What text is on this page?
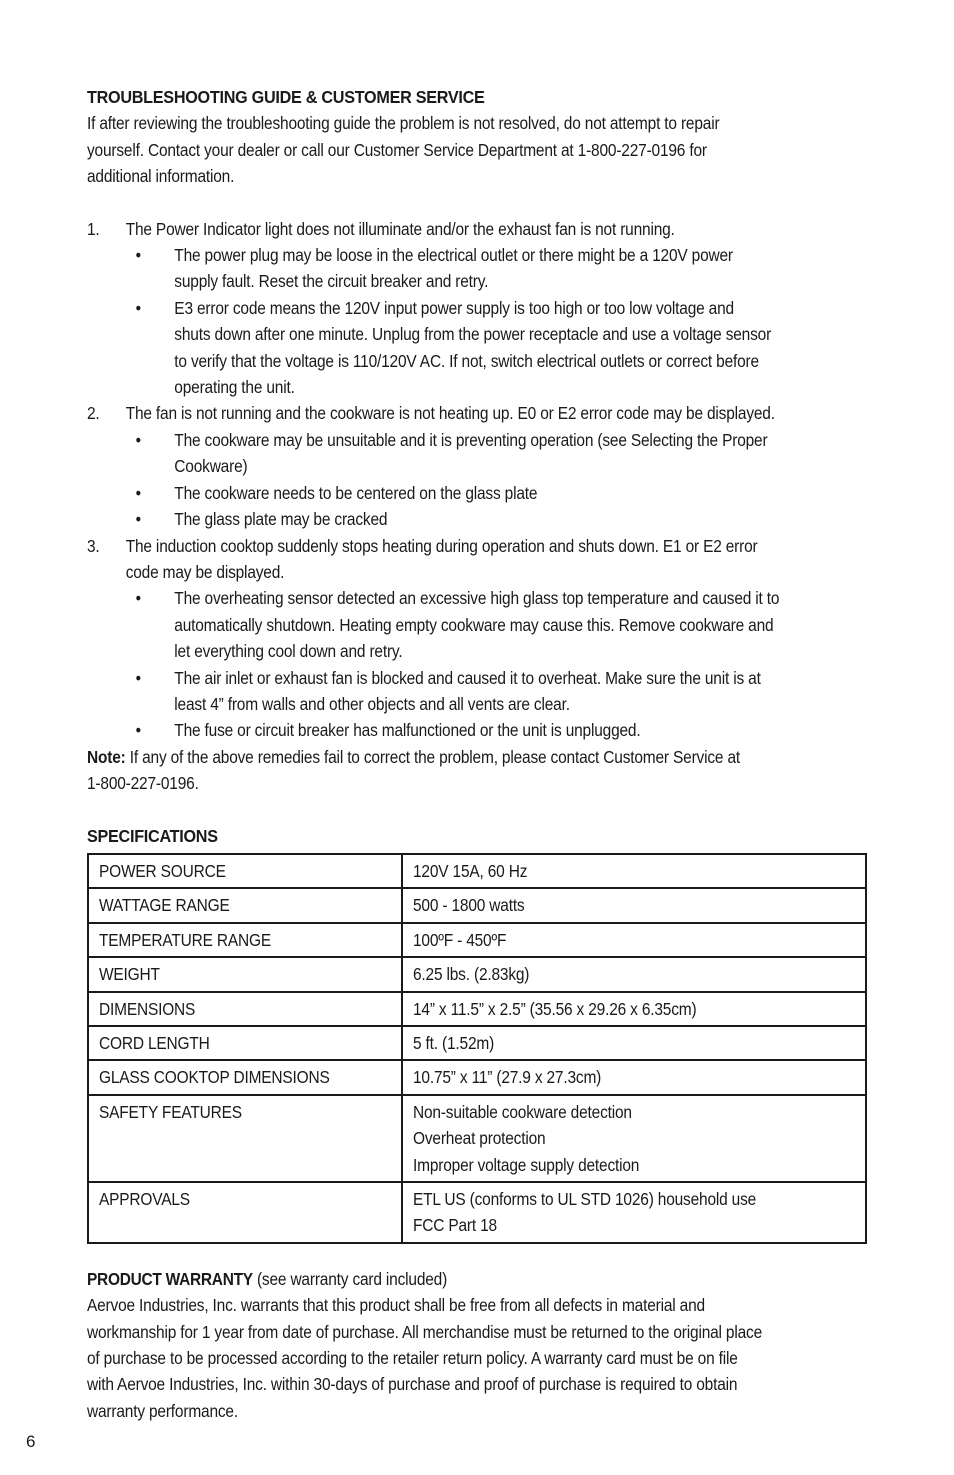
TROUBLESHOOTING GUIDE & CUSTOMER SERVICE

If after reviewing the troubleshooting guide the problem is not resolved, do not attempt to repair

yourself. Contact your dealer or call our Customer Service Department at 1-800-227-0196 for

additional information.

1.	The Power Indicator light does not illuminate and/or the exhaust fan is not running.
•	The power plug may be loose in the electrical outlet or there might be a 120V power

supply fault. Reset the circuit breaker and retry.

•	E3 error code means the 120V input power supply is too high or too low voltage and

shuts down after one minute. Unplug from the power receptacle and use a voltage sensor

to verify that the voltage is 110/120V AC. If not, switch electrical outlets or correct before

operating the unit.

2.	The fan is not running and the cookware is not heating up. E0 or E2 error code may be displayed.
•	The cookware may be unsuitable and it is preventing operation (see Selecting the Proper

Cookware)

•	The cookware needs to be centered on the glass plate

•	The glass plate may be cracked

3.	The induction cooktop suddenly stops heating during operation and shuts down. E1 or E2 error

code may be displayed.

•	The overheating sensor detected an excessive high glass top temperature and caused it to

automatically shutdown. Heating empty cookware may cause this. Remove cookware and

let everything cool down and retry.

•	The air inlet or exhaust fan is blocked and caused it to overheat. Make sure the unit is at

least 4” from walls and other objects and all vents are clear.

•	The fuse or circuit breaker has malfunctioned or the unit is unplugged.

Note: If any of the above remedies fail to correct the problem, please contact Customer Service at

1-800-227-0196.

SPECIFICATIONS
POWER SOURCE	120V 15A, 60 Hz

WATTAGE RANGE	500 - 1800 watts

TEMPERATURE RANGE	100ºF - 450ºF

WEIGHT	6.25 lbs. (2.83kg)

DIMENSIONS	14” x 11.5” x 2.5” (35.56 x 29.26 x 6.35cm)

CORD LENGTH	5 ft. (1.52m)

GLASS COOKTOP DIMENSIONS	10.75” x 11” (27.9 x 27.3cm)

SAFETY FEATURES	Non-suitable cookware detection
Overheat protection
Improper voltage supply detection

APPROVALS	ETL US (conforms to UL STD 1026) household use
FCC Part 18

PRODUCT WARRANTY (see warranty card included)

Aervoe Industries, Inc. warrants that this product shall be free from all defects in material and

workmanship for 1 year from date of purchase. All merchandise must be returned to the original place

of purchase to be processed according to the retailer return policy. A warranty card must be on file

with Aervoe Industries, Inc. within 30-days of purchase and proof of purchase is required to obtain

warranty performance.

6
